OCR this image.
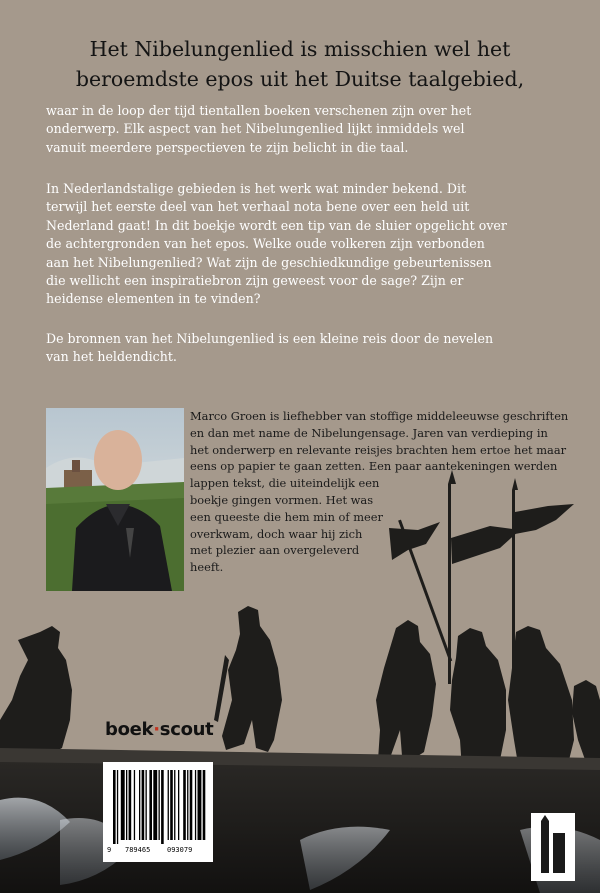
Het Nibelungenlied is misschien wel het
beroemdste epos uit het Duitse taalgebied,
waar in de loop der tijd tientallen boeken verschenen zijn over het
onderwerp. Elk aspect van het Nibelungenlied lijkt inmiddels wel
vanuit meerdere perspectieven te zijn belicht in die taal.
In Nederlandstalige gebieden is het werk wat minder bekend. Dit
terwijl het eerste deel van het verhaal nota bene over een held uit
Nederland gaat! In dit boekje wordt een tip van de sluier opgelicht over
de achtergronden van het epos. Welke oude volkeren zijn verbonden
aan het Nibelungenlied? Wat zijn de geschiedkundige gebeurtenissen
die wellicht een inspiratiebron zijn geweest voor de sage? Zijn er
heidense elementen in te vinden?
De bronnen van het Nibelungenlied is een kleine reis door de nevelen
van het heldendicht.
Marco Groen is liefhebber van stoffige middeleeuwse geschriften
en dan met name de Nibelungensage. Jaren van verdieping in
het onderwerp en relevante reisjes brachten hem ertoe het maar
eens op papier te gaan zetten. Een paar aantekeningen werden
lappen tekst, die uiteindelijk een
boekje gingen vormen. Het was
een queeste die hem min of meer
overkwam, doch waar hij zich
met plezier aan overgeleverd
heeft.
boek·scout
9 789465 093079
